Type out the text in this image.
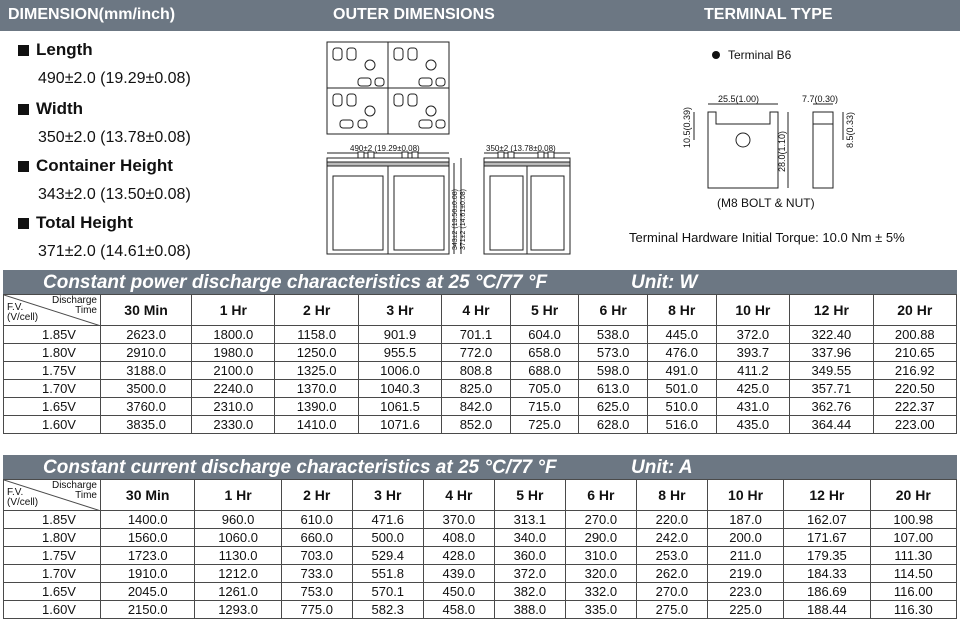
DIMENSION(mm/inch)	OUTER DIMENSIONS	TERMINAL TYPE
Length
490±2.0 (19.29±0.08)
Width
350±2.0 (13.78±0.08)
Container Height
343±2.0 (13.50±0.08)
Total Height
371±2.0 (14.61±0.08)
490±2 (19.29±0.08)	350±2 (13.78±0.08)
343±2 (13.50±0.08) 371±2 (14.61±0.08)
Terminal B6
25.5(1.00)	7.7(0.30)
10.5(0.39)
28.0(1.10)
8.5(0.33)
(M8 BOLT & NUT)
Terminal Hardware Initial Torque: 10.0 Nm ± 5%
Constant power discharge characteristics at 25 °C/77 °F	Unit: W
Discharge
Time
F.V.
(V/cell)	30 Min	1 Hr	2 Hr	3 Hr	4 Hr	5 Hr	6 Hr	8 Hr	10 Hr	12 Hr	20 Hr
1.85V	2623.0	1800.0	1158.0	901.9	701.1	604.0	538.0	445.0	372.0	322.40	200.88
1.80V	2910.0	1980.0	1250.0	955.5	772.0	658.0	573.0	476.0	393.7	337.96	210.65
1.75V	3188.0	2100.0	1325.0	1006.0	808.8	688.0	598.0	491.0	411.2	349.55	216.92
1.70V	3500.0	2240.0	1370.0	1040.3	825.0	705.0	613.0	501.0	425.0	357.71	220.50
1.65V	3760.0	2310.0	1390.0	1061.5	842.0	715.0	625.0	510.0	431.0	362.76	222.37
1.60V	3835.0	2330.0	1410.0	1071.6	852.0	725.0	628.0	516.0	435.0	364.44	223.00
Constant current discharge characteristics at 25 °C/77 °F	Unit: A
Discharge
Time
F.V.
(V/cell)	30 Min	1 Hr	2 Hr	3 Hr	4 Hr	5 Hr	6 Hr	8 Hr	10 Hr	12 Hr	20 Hr
1.85V	1400.0	960.0	610.0	471.6	370.0	313.1	270.0	220.0	187.0	162.07	100.98
1.80V	1560.0	1060.0	660.0	500.0	408.0	340.0	290.0	242.0	200.0	171.67	107.00
1.75V	1723.0	1130.0	703.0	529.4	428.0	360.0	310.0	253.0	211.0	179.35	111.30
1.70V	1910.0	1212.0	733.0	551.8	439.0	372.0	320.0	262.0	219.0	184.33	114.50
1.65V	2045.0	1261.0	753.0	570.1	450.0	382.0	332.0	270.0	223.0	186.69	116.00
1.60V	2150.0	1293.0	775.0	582.3	458.0	388.0	335.0	275.0	225.0	188.44	116.30
